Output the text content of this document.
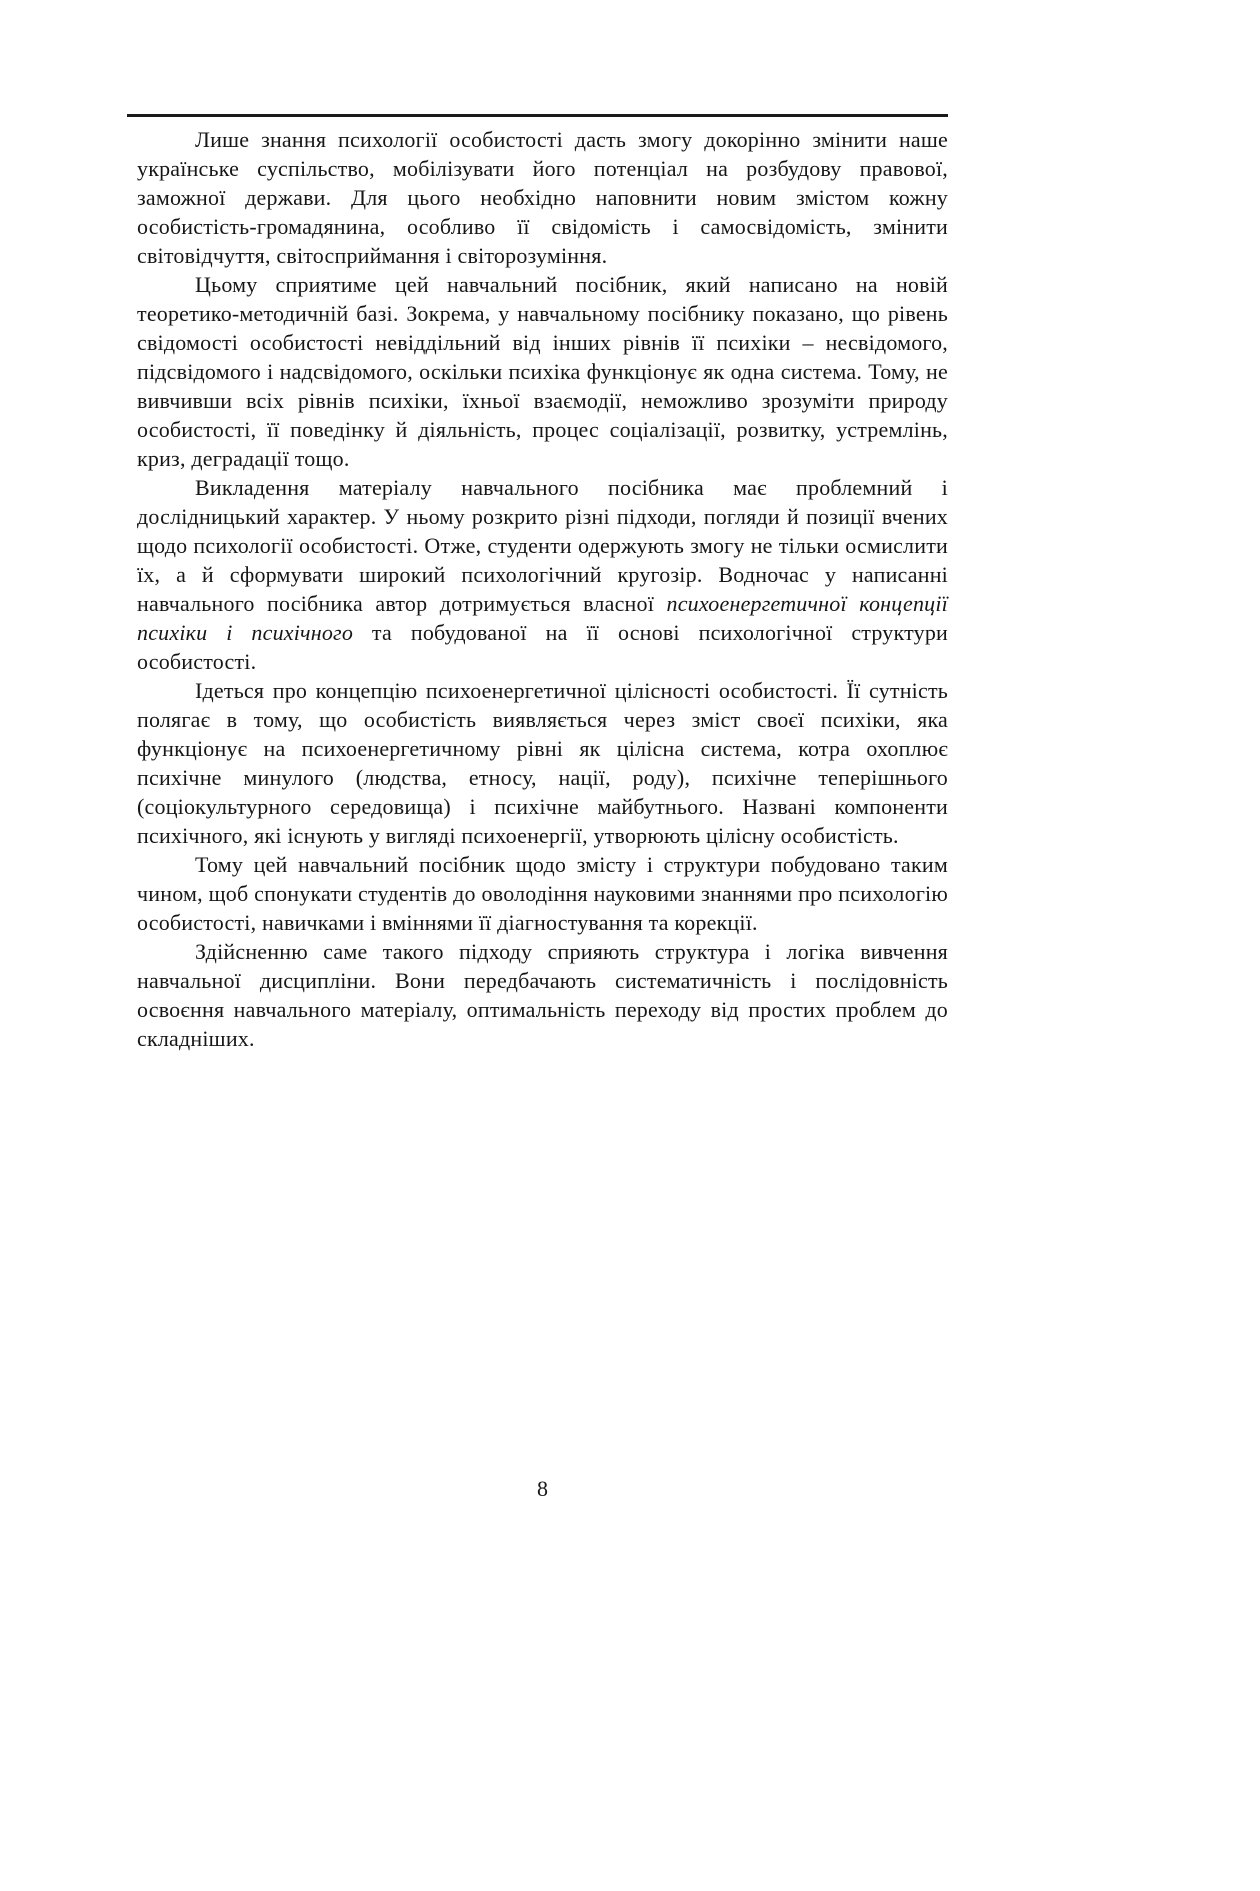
Лише знання психології особистості дасть змогу докорінно змінити наше українське суспільство, мобілізувати його потенціал на розбудову правової, заможної держави. Для цього необхідно наповнити новим змістом кожну особистість-громадянина, особливо її свідомість і самосвідомість, змінити світовідчуття, світосприймання і світорозуміння.

Цьому сприятиме цей навчальний посібник, який написано на новій теоретико-методичній базі. Зокрема, у навчальному посібнику показано, що рівень свідомості особистості невіддільний від інших рівнів її психіки – несвідомого, підсвідомого і надсвідомого, оскільки психіка функціонує як одна система. Тому, не вивчивши всіх рівнів психіки, їхньої взаємодії, неможливо зрозуміти природу особистості, її поведінку й діяльність, процес соціалізації, розвитку, устремлінь, криз, деградації тощо.

Викладення матеріалу навчального посібника має проблемний і дослідницький характер. У ньому розкрито різні підходи, погляди й позиції вчених щодо психології особистості. Отже, студенти одержують змогу не тільки осмислити їх, а й сформувати широкий психологічний кругозір. Водночас у написанні навчального посібника автор дотримується власної психоенергетичної концепції психіки і психічного та побудованої на її основі психологічної структури особистості.

Ідеться про концепцію психоенергетичної цілісності особистості. Її сутність полягає в тому, що особистість виявляється через зміст своєї психіки, яка функціонує на психоенергетичному рівні як цілісна система, котра охоплює психічне минулого (людства, етносу, нації, роду), психічне теперішнього (соціокультурного середовища) і психічне майбутнього. Названі компоненти психічного, які існують у вигляді психоенергії, утворюють цілісну особистість.

Тому цей навчальний посібник щодо змісту і структури побудовано таким чином, щоб спонукати студентів до оволодіння науковими знаннями про психологію особистості, навичками і вміннями її діагностування та корекції.

Здійсненню саме такого підходу сприяють структура і логіка вивчення навчальної дисципліни. Вони передбачають систематичність і послідовність освоєння навчального матеріалу, оптимальність переходу від простих проблем до складніших.

8
